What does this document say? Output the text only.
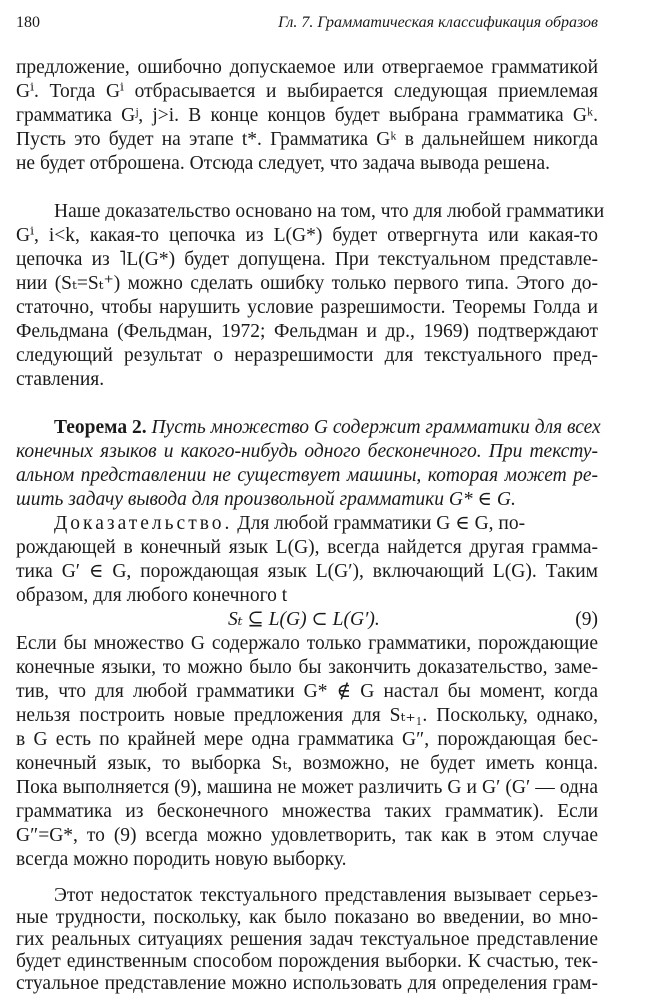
180	Гл. 7. Грамматическая классификация образов
предложение, ошибочно допускаемое или отвергаемое грамматикой
Gⁱ. Тогда Gⁱ отбрасывается и выбирается следующая приемлемая
грамматика Gʲ, j>i. В конце концов будет выбрана грамматика Gᵏ.
Пусть это будет на этапе t*. Грамматика Gᵏ в дальнейшем никогда
не будет отброшена. Отсюда следует, что задача вывода решена.
Наше доказательство основано на том, что для любой грамматики
Gⁱ, i<k, какая-то цепочка из L(G*) будет отвергнута или какая-то
цепочка из ˥L(G*) будет допущена. При текстуальном представле-
нии (Sₜ=Sₜ⁺) можно сделать ошибку только первого типа. Этого до-
статочно, чтобы нарушить условие разрешимости. Теоремы Голда и
Фельдмана (Фельдман, 1972; Фельдман и др., 1969) подтверждают
следующий результат о неразрешимости для текстуального пред-
ставления.
Теорема 2. Пусть множество G содержит грамматики для всех
конечных языков и какого-нибудь одного бесконечного. При тексту-
альном представлении не существует машины, которая может ре-
шить задачу вывода для произвольной грамматики G* ∈ G.
Доказательство. Для любой грамматики G ∈ G, по-
Sₜ ⊆ L(G) ⊂ L(G′).	(9)
рождающей в конечный язык L(G), всегда найдется другая грамма-
тика G′ ∈ G, порождающая язык L(G′), включающий L(G). Таким
Если бы множество G содержало только грамматики, порождающие
конечные языки, то можно было бы закончить доказательство, заме-
тив, что для любой грамматики G* ∉ G настал бы момент, когда
нельзя построить новые предложения для Sₜ₊₁. Поскольку, однако,
в G есть по крайней мере одна грамматика G″, порождающая бес-
конечный язык, то выборка Sₜ, возможно, не будет иметь конца.
Пока выполняется (9), машина не может различить G и G′ (G′ — одна
грамматика из бесконечного множества таких грамматик). Если
G″=G*, то (9) всегда можно удовлетворить, так как в этом случае
всегда можно породить новую выборку.
Этот недостаток текстуального представления вызывает серьез-
ные трудности, поскольку, как было показано во введении, во мно-
гих реальных ситуациях решения задач текстуальное представление
будет единственным способом порождения выборки. К счастью, тек-
стуальное представление можно использовать для определения грам-
образом, для любого конечного t
